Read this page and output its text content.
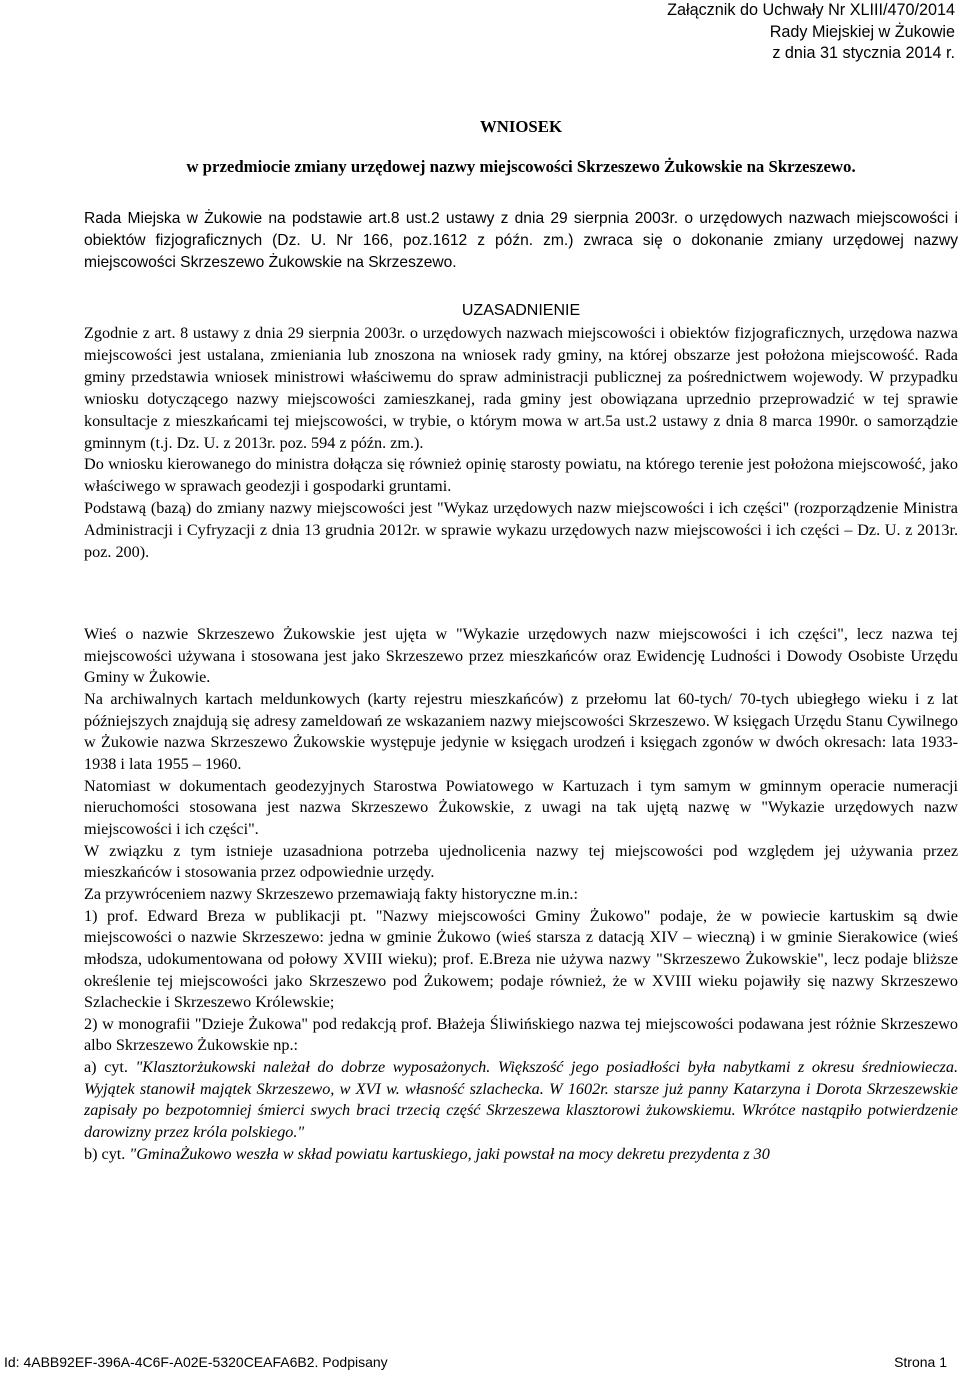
Załącznik do Uchwały Nr XLIII/470/2014
Rady Miejskiej w Żukowie
z dnia 31 stycznia 2014 r.
WNIOSEK
w przedmiocie zmiany urzędowej nazwy miejscowości Skrzeszewo Żukowskie na Skrzeszewo.

Rada Miejska w Żukowie na podstawie art.8 ust.2 ustawy z dnia 29 sierpnia 2003r. o urzędowych nazwach miejscowości i obiektów fizjograficznych (Dz. U. Nr 166, poz.1612 z późn. zm.) zwraca się o dokonanie zmiany urzędowej nazwy miejscowości Skrzeszewo Żukowskie na Skrzeszewo.

UZASADNIENIE

Zgodnie z art. 8 ustawy z dnia 29 sierpnia 2003r. o urzędowych nazwach miejscowości i obiektów fizjograficznych, urzędowa nazwa miejscowości jest ustalana, zmieniania lub znoszona na wniosek rady gminy, na której obszarze jest położona miejscowość. Rada gminy przedstawia wniosek ministrowi właściwemu do spraw administracji publicznej za pośrednictwem wojewody. W przypadku wniosku dotyczącego nazwy miejscowości zamieszkanej, rada gminy jest obowiązana uprzednio przeprowadzić w tej sprawie konsultacje z mieszkańcami tej miejscowości, w trybie, o którym mowa w art.5a ust.2 ustawy z dnia 8 marca 1990r. o samorządzie gminnym (t.j. Dz. U. z 2013r. poz. 594 z późn. zm.).

Do wniosku kierowanego do ministra dołącza się również opinię starosty powiatu, na którego terenie jest położona miejscowość, jako właściwego w sprawach geodezji i gospodarki gruntami.

Podstawą (bazą) do zmiany nazwy miejscowości jest "Wykaz urzędowych nazw miejscowości i ich części" (rozporządzenie Ministra Administracji i Cyfryzacji z dnia 13 grudnia 2012r. w sprawie wykazu urzędowych nazw miejscowości i ich części – Dz. U. z 2013r. poz. 200).

Wieś o nazwie Skrzeszewo Żukowskie jest ujęta w "Wykazie urzędowych nazw miejscowości i ich części", lecz nazwa tej miejscowości używana i stosowana jest jako Skrzeszewo przez mieszkańców oraz Ewidencję Ludności i Dowody Osobiste Urzędu Gminy w Żukowie.

Na archiwalnych kartach meldunkowych (karty rejestru mieszkańców) z przełomu lat 60-tych/ 70-tych ubiegłego wieku i z lat późniejszych znajdują się adresy zameldowań ze wskazaniem nazwy miejscowości Skrzeszewo. W księgach Urzędu Stanu Cywilnego w Żukowie nazwa Skrzeszewo Żukowskie występuje jedynie w księgach urodzeń i księgach zgonów w dwóch okresach: lata 1933-1938 i lata 1955 – 1960.

Natomiast w dokumentach geodezyjnych Starostwa Powiatowego w Kartuzach i tym samym w gminnym operacie numeracji nieruchomości stosowana jest nazwa Skrzeszewo Żukowskie, z uwagi na tak ujętą nazwę w "Wykazie urzędowych nazw miejscowości i ich części".

W związku z tym istnieje uzasadniona potrzeba ujednolicenia nazwy tej miejscowości pod względem jej używania przez mieszkańców i stosowania przez odpowiednie urzędy.

Za przywróceniem nazwy Skrzeszewo przemawiają fakty historyczne m.in.:

1) prof. Edward Breza w publikacji pt. "Nazwy miejscowości Gminy Żukowo" podaje, że w powiecie kartuskim są dwie miejscowości o nazwie Skrzeszewo: jedna w gminie Żukowo (wieś starsza z datacją XIV – wieczną) i w gminie Sierakowice (wieś młodsza, udokumentowana od połowy XVIII wieku); prof. E.Breza nie używa nazwy "Skrzeszewo Żukowskie", lecz podaje bliższe określenie tej miejscowości jako Skrzeszewo pod Żukowem; podaje również, że w XVIII wieku pojawiły się nazwy Skrzeszewo Szlacheckie i Skrzeszewo Królewskie;

2) w monografii "Dzieje Żukowa" pod redakcją prof. Błażeja Śliwińskiego nazwa tej miejscowości podawana jest różnie Skrzeszewo albo Skrzeszewo Żukowskie np.:

a) cyt. "Klasztorżukowski należał do dobrze wyposażonych. Większość jego posiadłości była nabytkami z okresu średniowiecza. Wyjątek stanowił majątek Skrzeszewo, w XVI w. własność szlachecka. W 1602r. starsze już panny Katarzyna i Dorota Skrzeszewskie zapisały po bezpotomniej śmierci swych braci trzecią część Skrzeszewa klasztorowi żukowskiemu. Wkrótce nastąpiło potwierdzenie darowizny przez króla polskiego."

b) cyt. "GminaŻukowo weszła w skład powiatu kartuskiego, jaki powstał na mocy dekretu prezydenta z 30

Id: 4ABB92EF-396A-4C6F-A02E-5320CEAFA6B2. Podpisany	Strona 1
